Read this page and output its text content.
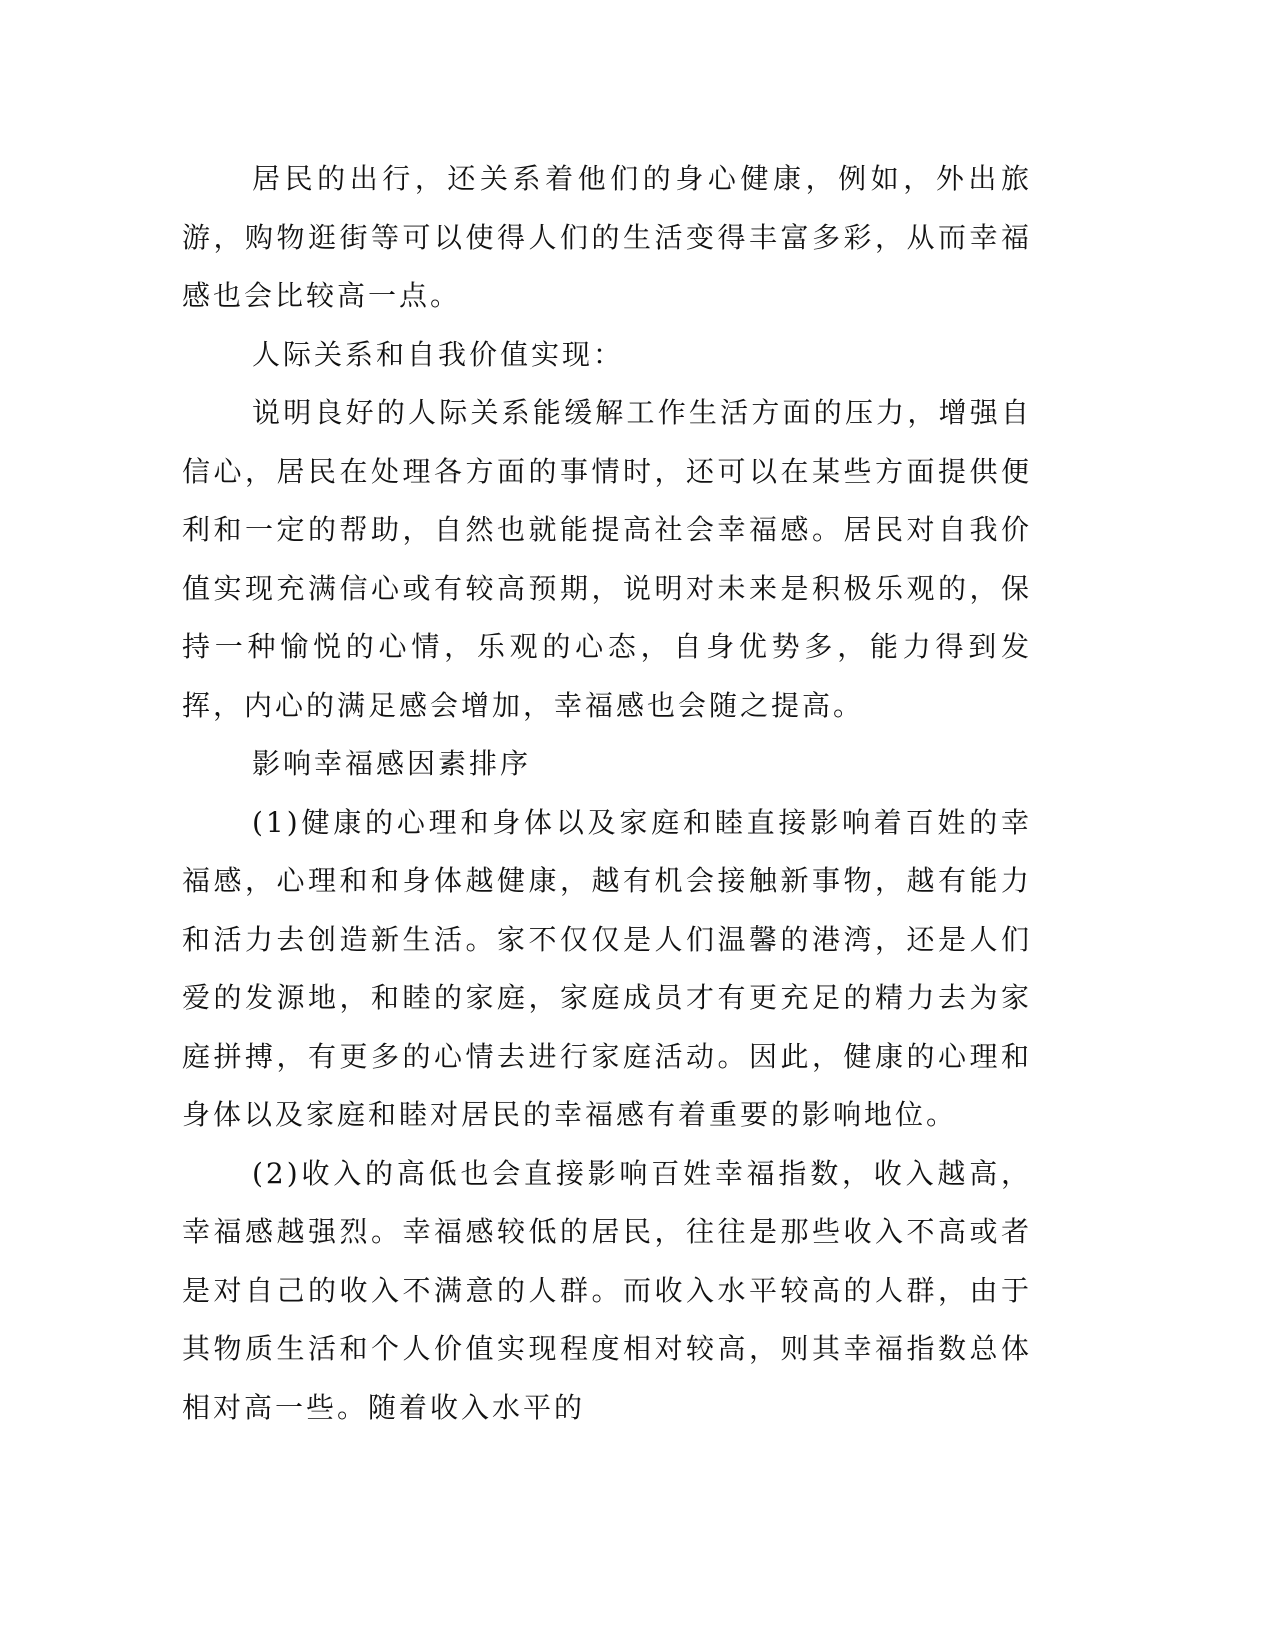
居民的出行，还关系着他们的身心健康，例如，外出旅游，购物逛街等可以使得人们的生活变得丰富多彩，从而幸福感也会比较高一点。

人际关系和自我价值实现：

说明良好的人际关系能缓解工作生活方面的压力，增强自信心，居民在处理各方面的事情时，还可以在某些方面提供便利和一定的帮助，自然也就能提高社会幸福感。居民对自我价值实现充满信心或有较高预期，说明对未来是积极乐观的，保持一种愉悦的心情，乐观的心态，自身优势多，能力得到发挥，内心的满足感会增加，幸福感也会随之提高。

影响幸福感因素排序

(1)健康的心理和身体以及家庭和睦直接影响着百姓的幸福感，心理和和身体越健康，越有机会接触新事物，越有能力和活力去创造新生活。家不仅仅是人们温馨的港湾，还是人们爱的发源地，和睦的家庭，家庭成员才有更充足的精力去为家庭拼搏，有更多的心情去进行家庭活动。因此，健康的心理和身体以及家庭和睦对居民的幸福感有着重要的影响地位。

(2)收入的高低也会直接影响百姓幸福指数，收入越高，幸福感越强烈。幸福感较低的居民，往往是那些收入不高或者是对自己的收入不满意的人群。而收入水平较高的人群，由于其物质生活和个人价值实现程度相对较高，则其幸福指数总体相对高一些。随着收入水平的
